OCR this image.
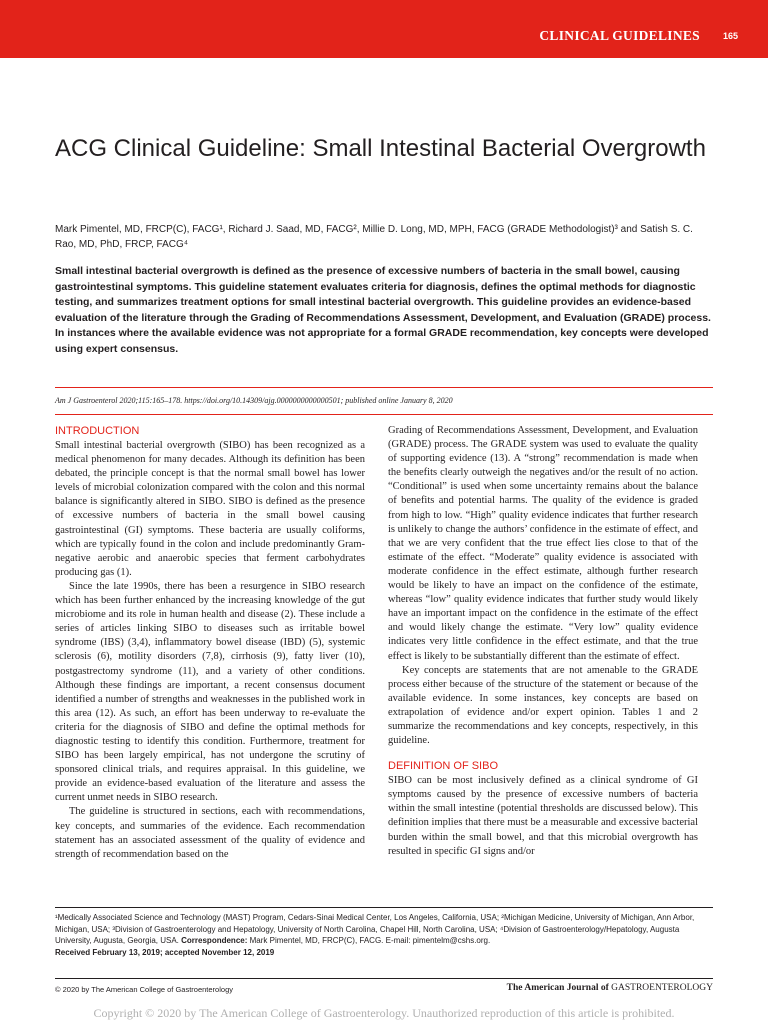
CLINICAL GUIDELINES	165
ACG Clinical Guideline: Small Intestinal Bacterial Overgrowth
Mark Pimentel, MD, FRCP(C), FACG¹, Richard J. Saad, MD, FACG², Millie D. Long, MD, MPH, FACG (GRADE Methodologist)³ and Satish S. C. Rao, MD, PhD, FRCP, FACG⁴
Small intestinal bacterial overgrowth is defined as the presence of excessive numbers of bacteria in the small bowel, causing gastrointestinal symptoms. This guideline statement evaluates criteria for diagnosis, defines the optimal methods for diagnostic testing, and summarizes treatment options for small intestinal bacterial overgrowth. This guideline provides an evidence-based evaluation of the literature through the Grading of Recommendations Assessment, Development, and Evaluation (GRADE) process. In instances where the available evidence was not appropriate for a formal GRADE recommendation, key concepts were developed using expert consensus.
Am J Gastroenterol 2020;115:165–178. https://doi.org/10.14309/ajg.0000000000000501; published online January 8, 2020
INTRODUCTION

Small intestinal bacterial overgrowth (SIBO) has been recognized as a medical phenomenon for many decades. Although its definition has been debated, the principle concept is that the normal small bowel has lower levels of microbial colonization compared with the colon and this normal balance is significantly altered in SIBO. SIBO is defined as the presence of excessive numbers of bacteria in the small bowel causing gastrointestinal (GI) symptoms. These bacteria are usually coliforms, which are typically found in the colon and include predominantly Gram-negative aerobic and anaerobic species that ferment carbohydrates producing gas (1).

Since the late 1990s, there has been a resurgence in SIBO research which has been further enhanced by the increasing knowledge of the gut microbiome and its role in human health and disease (2). These include a series of articles linking SIBO to diseases such as irritable bowel syndrome (IBS) (3,4), inflammatory bowel disease (IBD) (5), systemic sclerosis (6), motility disorders (7,8), cirrhosis (9), fatty liver (10), postgastrectomy syndrome (11), and a variety of other conditions. Although these findings are important, a recent consensus document identified a number of strengths and weaknesses in the published work in this area (12). As such, an effort has been underway to re-evaluate the criteria for the diagnosis of SIBO and define the optimal methods for diagnostic testing to identify this condition. Furthermore, treatment for SIBO has been largely empirical, has not undergone the scrutiny of sponsored clinical trials, and requires appraisal. In this guideline, we provide an evidence-based evaluation of the literature and assess the current unmet needs in SIBO research.

The guideline is structured in sections, each with recommendations, key concepts, and summaries of the evidence. Each recommendation statement has an associated assessment of the quality of evidence and strength of recommendation based on the

Grading of Recommendations Assessment, Development, and Evaluation (GRADE) process. The GRADE system was used to evaluate the quality of supporting evidence (13). A “strong” recommendation is made when the benefits clearly outweigh the negatives and/or the result of no action. “Conditional” is used when some uncertainty remains about the balance of benefits and potential harms. The quality of the evidence is graded from high to low. “High” quality evidence indicates that further research is unlikely to change the authors’ confidence in the estimate of effect, and that we are very confident that the true effect lies close to that of the estimate of the effect. “Moderate” quality evidence is associated with moderate confidence in the effect estimate, although further research would be likely to have an impact on the confidence of the estimate, whereas “low” quality evidence indicates that further study would likely have an important impact on the confidence in the estimate of the effect and would likely change the estimate. “Very low” quality evidence indicates very little confidence in the effect estimate, and that the true effect is likely to be substantially different than the estimate of effect.

Key concepts are statements that are not amenable to the GRADE process either because of the structure of the statement or because of the available evidence. In some instances, key concepts are based on extrapolation of evidence and/or expert opinion. Tables 1 and 2 summarize the recommendations and key concepts, respectively, in this guideline.

DEFINITION OF SIBO

SIBO can be most inclusively defined as a clinical syndrome of GI symptoms caused by the presence of excessive numbers of bacteria within the small intestine (potential thresholds are discussed below). This definition implies that there must be a measurable and excessive bacterial burden within the small bowel, and that this microbial overgrowth has resulted in specific GI signs and/or

¹Medically Associated Science and Technology (MAST) Program, Cedars-Sinai Medical Center, Los Angeles, California, USA; ²Michigan Medicine, University of Michigan, Ann Arbor, Michigan, USA; ³Division of Gastroenterology and Hepatology, University of North Carolina, Chapel Hill, North Carolina, USA; ⁴Division of Gastroenterology/Hepatology, Augusta University, Augusta, Georgia, USA. Correspondence: Mark Pimentel, MD, FRCP(C), FACG. E-mail: pimentelm@cshs.org.
Received February 13, 2019; accepted November 12, 2019
© 2020 by The American College of Gastroenterology	The American Journal of GASTROENTEROLOGY
Copyright © 2020 by The American College of Gastroenterology. Unauthorized reproduction of this article is prohibited.
